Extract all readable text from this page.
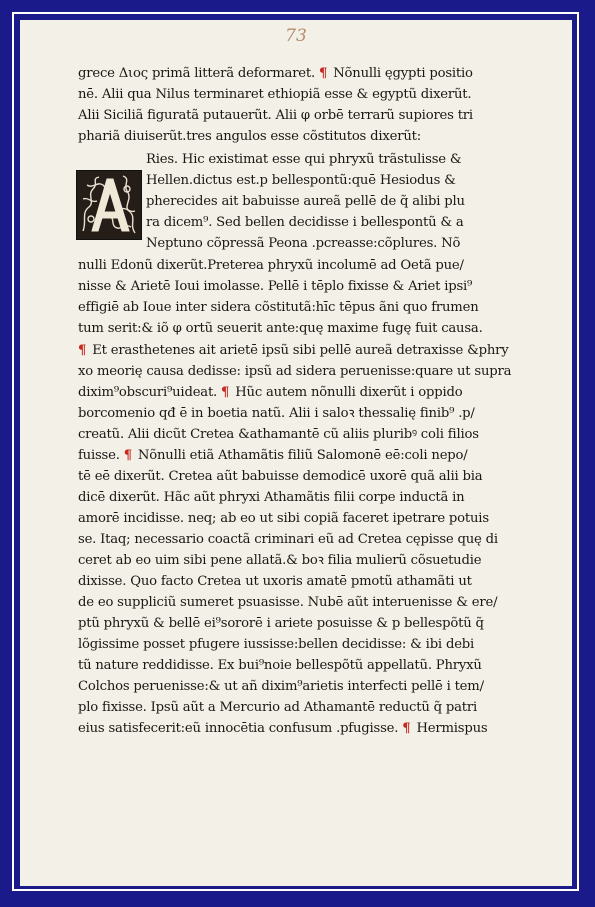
73
grece Διος primã litterã deformaret. ¶ Nõnulli ęgypti positio
nē. Alii qua Nilus terminaret ethiopiã esse & egyptũ dixerũt.
Alii Siciliã figuratã putauerũt. Alii φ orbē terrarũ supiores tri
phariã diuiserũt.tres angulos esse cõstitutos dixerũt:
Ries. Hic existimat esse qui phryxũ trãstulisse &
Hellen.dictus est.p bellespontũ:quē Hesiodus &
pherecides ait babuisse aureã pellē de q̃ alibi plu
ra dicem⁹. Sed bellen decidisse i bellespontũ & a
Neptuno cõpressã Peona .pcreasse:cõplures. Nõ
nulli Edonũ dixerũt.Preterea phryxũ incolumē ad Oetã pue/
nisse & Arietē Ioui imolasse. Pellē i tēplo fixisse & Ariet ipsi⁹
effigiē ab Ioue inter sidera cõstitutã:hīc tēpus ãni quo frumen
tum serit:& iõ φ ortũ seuerit ante:quę maxime fugę fuit causa.
¶ Et erasthetenes ait arietē ipsũ sibi pellē aureã detraxisse &phry
xo meorię causa dedisse: ipsũ ad sidera peruenisse:quare ut supra
dixim⁹obscuri⁹uideat. ¶ Hũc autem nõnulli dixerũt i oppido
borcomenio qđ ē in boetia natũ. Alii i saloꝛ thessalię finib⁹ .p/
creatũ. Alii dicũt Cretea &athamantē cũ aliis pluribꝰ coli filios
fuisse. ¶ Nõnulli etiã Athamãtis filiũ Salomonē eē:coli nepo/
tē eē dixerũt. Cretea aũt babuisse demodicē uxorē quã alii bia
dicē dixerũt. Hãc aũt phryxi Athamãtis filii corpe inductã in
amorē incidisse. neq; ab eo ut sibi copiã faceret ipetrare potuis
se. Itaq; necessario coactã criminari eũ ad Cretea cępisse quę di
ceret ab eo uim sibi pene allatã.& boꝛ filia mulierũ cõsuetudie
dixisse. Quo facto Cretea ut uxoris amatē pmotũ athamãti ut
de eo suppliciũ sumeret psuasisse. Nubē aũt interuenisse & ere/
ptũ phryxũ & bellē ei⁹sororē i ariete posuisse & p bellespõtũ q̃
lõgissime posset pfugere iussisse:bellen decidisse: & ibi debi
tũ nature reddidisse. Ex bui⁹noie bellespõtũ appellatũ. Phryxũ
Colchos peruenisse:& ut añ dixim⁹arietis interfecti pellē i tem/
plo fixisse. Ipsũ aũt a Mercurio ad Athamantē reductũ q̃ patri
eius satisfecerit:eũ innocētia confusum .pfugisse. ¶ Hermispus
